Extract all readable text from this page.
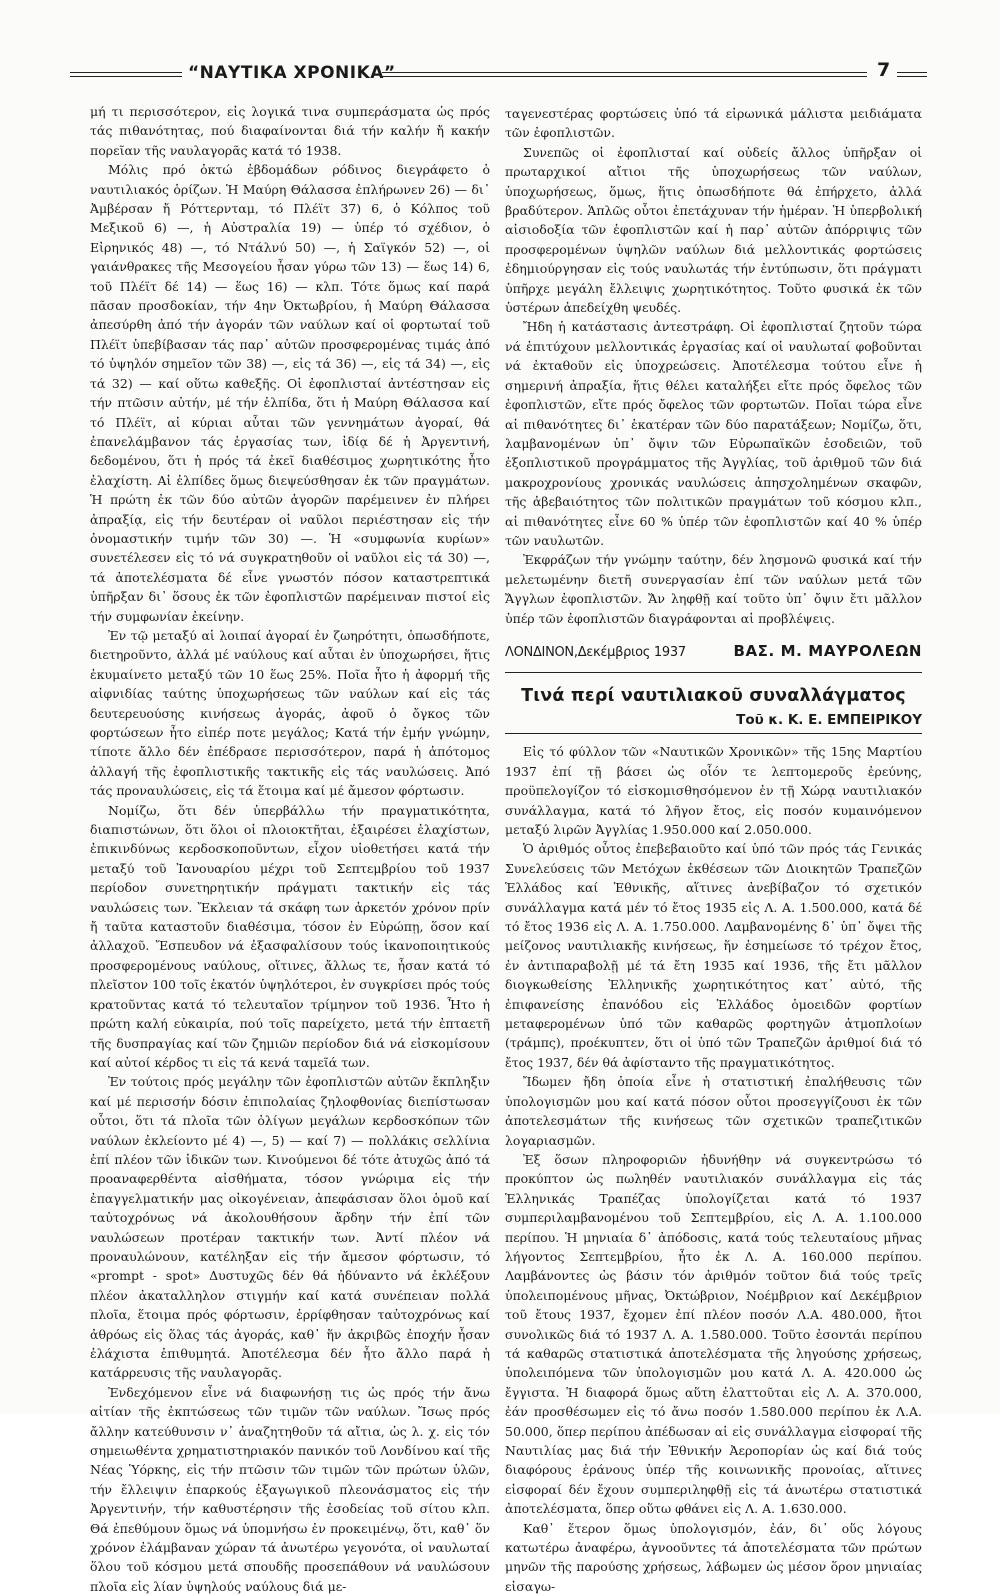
“ΝΑΥΤΙΚΑ ΧΡΟΝΙΚΑ”	7

μή τι περισσότερον, εἰς λογικά τινα συμπεράσματα ὡς πρός τάς πιθανότητας, πού διαφαίνονται διά τήν καλήν ἤ κακήν πορεῖαν τῆς ναυλαγορᾶς κατά τό 1938.

Μόλις πρό ὀκτώ ἑβδομάδων ρόδινος διεγράφετο ὁ ναυτιλιακός ὁρίζων. Ἡ Μαύρη Θάλασσα ἐπλήρωνεν 26) — δι᾽ Ἀμβέρσαν ἤ Ρόττερνταμ, τό Πλέϊτ 37) 6, ὁ Κόλπος τοῦ Μεξικοῦ 6) —, ἡ Αὐστραλία 19) — ὑπέρ τό σχέδιον, ὁ Εἰρηνικός 48) —, τό Ντάλνύ 50) —, ἡ Σαϊγκόν 52) —, οἱ γαιάνθρακες τῆς Μεσογείου ἦσαν γύρω τῶν 13) — ἕως 14) 6, τοῦ Πλέϊτ δέ 14) — ἕως 16) — κλπ. Τότε ὅμως καί παρά πᾶσαν προσδοκίαν, τήν 4ην Ὀκτωβρίου, ἡ Μαύρη Θάλασσα ἀπεσύρθη ἀπό τήν ἀγοράν τῶν ναύλων καί οἱ φορτωταί τοῦ Πλέϊτ ὑπεβίβασαν τάς παρ᾽ αὐτῶν προσφερομένας τιμάς ἀπό τό ὑψηλόν σημεῖον τῶν 38) —, εἰς τά 36) —, εἰς τά 34) —, εἰς τά 32) — καί οὕτω καθεξῆς. Οἱ ἐφοπλισταί ἀντέστησαν εἰς τήν πτῶσιν αὐτήν, μέ τήν ἐλπίδα, ὅτι ἡ Μαύρη Θάλασσα καί τό Πλέϊτ, αἱ κύριαι αὗται τῶν γεννημάτων ἀγοραί, θά ἐπανελάμβανον τάς ἐργασίας των, ἰδίᾳ δέ ἡ Ἀργεντινή, δεδομένου, ὅτι ἡ πρός τά ἐκεῖ διαθέσιμος χωρητικότης ἦτο ἐλαχίστη. Αἱ ἐλπίδες ὅμως διεψεύσθησαν ἐκ τῶν πραγμάτων. Ἡ πρώτη ἐκ τῶν δύο αὐτῶν ἀγορῶν παρέμεινεν ἐν πλήρει ἀπραξίᾳ, εἰς τήν δευτέραν οἱ ναῦλοι περιέστησαν εἰς τήν ὀνομαστικήν τιμήν τῶν 30) —. Ἡ «συμφωνία κυρίων» συνετέλεσεν εἰς τό νά συγκρατηθοῦν οἱ ναῦλοι εἰς τά 30) —, τά ἀποτελέσματα δέ εἶνε γνωστόν πόσον καταστρεπτικά ὑπῆρξαν δι᾽ ὅσους ἐκ τῶν ἐφοπλιστῶν παρέμειναν πιστοί εἰς τήν συμφωνίαν ἐκείνην.

Ἐν τῷ μεταξύ αἱ λοιπαί ἀγοραί ἐν ζωηρότητι, ὁπωσδήποτε, διετηροῦντο, ἀλλά μέ ναύλους καί αὗται ἐν ὑποχωρήσει, ἥτις ἐκυμαίνετο μεταξύ τῶν 10 ἕως 25%. Ποῖα ἦτο ἡ ἀφορμή τῆς αἰφνιδίας ταύτης ὑποχωρήσεως τῶν ναύλων καί εἰς τάς δευτερευούσης κινήσεως ἀγοράς, ἀφοῦ ὁ ὄγκος τῶν φορτώσεων ἦτο εἰπέρ ποτε μεγάλος; Κατά τήν ἐμήν γνώμην, τίποτε ἄλλο δέν ἐπέδρασε περισσότερον, παρά ἡ ἀπότομος ἀλλαγή τῆς ἐφοπλιστικῆς τακτικῆς εἰς τάς ναυλώσεις. Ἀπό τάς προναυλώσεις, εἰς τά ἕτοιμα καί μέ ἄμεσον φόρτωσιν.

Νομίζω, ὅτι δέν ὑπερβάλλω τήν πραγματικότητα, διαπιστώνων, ὅτι ὅλοι οἱ πλοιοκτῆται, ἐξαιρέσει ἐλαχίστων, ἐπικινδύνως κερδοσκοποῦντων, εἶχον υἱοθετήσει κατά τήν μεταξύ τοῦ Ἰανουαρίου μέχρι τοῦ Σεπτεμβρίου τοῦ 1937 περίοδον συνετηρητικήν πράγματι τακτικήν εἰς τάς ναυλώσεις των. Ἔκλειαν τά σκάφη των ἀρκετόν χρόνον πρίν ἤ ταῦτα καταστοῦν διαθέσιμα, τόσον ἐν Εὐρώπῃ, ὅσον καί ἀλλαχοῦ. Ἔσπευδον νά ἐξασφαλίσουν τούς ἱκανοποιητικούς προσφερομένους ναύλους, οἵτινες, ἄλλως τε, ἦσαν κατά τό πλεῖστον 100 τοῖς ἑκατόν ὑψηλότεροι, ἐν συγκρίσει πρός τούς κρατοῦντας κατά τό τελευταῖον τρίμηνον τοῦ 1936. Ἦτο ἡ πρώτη καλή εὐκαιρία, πού τοῖς παρείχετο, μετά τήν ἐπταετῆ τῆς δυσπραγίας καί τῶν ζημιῶν περίοδον διά νά εἰσκομίσουν καί αὐτοί κέρδος τι εἰς τά κενά ταμεῖά των.

Ἐν τούτοις πρός μεγάλην τῶν ἐφοπλιστῶν αὐτῶν ἔκπληξιν καί μέ περισσήν δόσιν ἐπιπολαίας ζηλοφθονίας διεπίστωσαν οὗτοι, ὅτι τά πλοῖα τῶν ὀλίγων μεγάλων κερδοσκόπων τῶν ναύλων ἐκλείοντο μέ 4) —, 5) — καί 7) — πολλάκις σελλίνια ἐπί πλέον τῶν ἰδικῶν των. Κινούμενοι δέ τότε ἀτυχῶς ἀπό τά προαναφερθέντα αἰσθήματα, τόσον γνώριμα εἰς τήν ἐπαγγελματικήν μας οἰκογένειαν, ἀπεφάσισαν ὅλοι ὁμοῦ καί ταὐτοχρόνως νά ἀκολουθήσουν ἄρδην τήν ἐπί τῶν ναυλώσεων προτέραν τακτικήν των. Ἀντί πλέον νά προναυλώνουν, κατέληξαν εἰς τήν ἄμεσον φόρτωσιν, τό «prompt - spot» Δυστυχῶς δέν θά ἠδύναντο νά ἐκλέξουν πλέον ἀκαταλληλον στιγμήν καί κατά συνέπειαν πολλά πλοῖα, ἕτοιμα πρός φόρτωσιν, ἐρρίφθησαν ταὐτοχρόνως καί ἀθρόως εἰς ὅλας τάς ἀγοράς, καθ᾽ ἥν ἀκριβῶς ἐποχήν ἦσαν ἐλάχιστα ἐπιθυμητά. Ἀποτέλεσμα δέν ἦτο ἄλλο παρά ἡ κατάρρευσις τῆς ναυλαγορᾶς.

Ἐνδεχόμενον εἶνε νά διαφωνήσῃ τις ὡς πρός τήν ἄνω αἰτίαν τῆς ἐκπτώσεως τῶν τιμῶν τῶν ναύλων. Ἴσως πρός ἄλλην κατεύθυνσιν ν᾽ ἀναζητηθοῦν τά αἴτια, ὡς λ. χ. εἰς τόν σημειωθέντα χρηματιστηριακόν πανικόν τοῦ Λονδίνου καί τῆς Νέας Ὑόρκης, εἰς τήν πτῶσιν τῶν τιμῶν τῶν πρώτων ὑλῶν, τήν ἔλλειψιν ἐπαρκούς ἐξαγωγικοῦ πλεονάσματος εἰς τήν Ἀργεντινήν, τήν καθυστέρησιν τῆς ἐσοδείας τοῦ σίτου κλπ. Θά ἐπεθύμουν ὅμως νά ὑπομνήσω ἐν προκειμένῳ, ὅτι, καθ᾽ ὅν χρόνον ἐλάμβαναν χώραν τά ἀνωτέρω γεγονότα, οἱ ναυλωταί ὅλου τοῦ κόσμου μετά σπουδῆς προσεπάθουν νά ναυλώσουν πλοῖα εἰς λίαν ὑψηλούς ναύλους διά με-

ταγενεστέρας φορτώσεις ὑπό τά εἰρωνικά μάλιστα μειδιάματα τῶν ἐφοπλιστῶν.

Συνεπῶς οἱ ἐφοπλισταί καί οὐδείς ἄλλος ὑπῆρξαν οἱ πρωταρχικοί αἴτιοι τῆς ὑποχωρήσεως τῶν ναύλων, ὑποχωρήσεως, ὅμως, ἥτις ὁπωσδήποτε θά ἐπήρχετο, ἀλλά βραδύτερον. Ἁπλῶς οὗτοι ἐπετάχυναν τήν ἡμέραν. Ἡ ὑπερβολική αἰσιοδοξία τῶν ἐφοπλιστῶν καί ἡ παρ᾽ αὐτῶν ἀπόρριψις τῶν προσφερομένων ὑψηλῶν ναύλων διά μελλοντικάς φορτώσεις ἐδημιούργησαν εἰς τούς ναυλωτάς τήν ἐντύπωσιν, ὅτι πράγματι ὑπῆρχε μεγάλη ἔλλειψις χωρητικότητος. Τοῦτο φυσικά ἐκ τῶν ὑστέρων ἀπεδείχθη ψευδές.

Ἤδη ἡ κατάστασις ἀντεστράφη. Οἱ ἐφοπλισταί ζητοῦν τώρα νά ἐπιτύχουν μελλοντικάς ἐργασίας καί οἱ ναυλωταί φοβοῦνται νά ἐκταθοῦν εἰς ὑποχρεώσεις. Ἀποτέλεσμα τούτου εἶνε ἡ σημερινή ἀπραξία, ἥτις θέλει καταλήξει εἴτε πρός ὄφελος τῶν ἐφοπλιστῶν, εἴτε πρός ὄφελος τῶν φορτωτῶν. Ποῖαι τώρα εἶνε αἱ πιθανότητες δι᾽ ἑκατέραν τῶν δύο παρατάξεων; Νομίζω, ὅτι, λαμβανομένων ὑπ᾽ ὄψιν τῶν Εὐρωπαϊκῶν ἐσοδειῶν, τοῦ ἐξοπλιστικοῦ προγράμματος τῆς Ἀγγλίας, τοῦ ἀριθμοῦ τῶν διά μακροχρονίους χρονικάς ναυλώσεις ἀπησχολημένων σκαφῶν, τῆς ἀβεβαιότητος τῶν πολιτικῶν πραγμάτων τοῦ κόσμου κλπ., αἱ πιθανότητες εἶνε 60 % ὑπέρ τῶν ἐφοπλιστῶν καί 40 % ὑπέρ τῶν ναυλωτῶν.

Ἐκφράζων τήν γνώμην ταύτην, δέν λησμονῶ φυσικά καί τήν μελετωμένην διετῆ συνεργασίαν ἐπί τῶν ναύλων μετά τῶν Ἄγγλων ἐφοπλιστῶν. Ἄν ληφθῇ καί τοῦτο ὑπ᾽ ὄψιν ἔτι μᾶλλον ὑπέρ τῶν ἐφοπλιστῶν διαγράφονται αἱ προβλέψεις.

ΛΟΝΔΙΝΟΝ,Δεκέμβριος 1937	ΒΑΣ. Μ. ΜΑΥΡΟΛΕΩΝ
Τινά περί ναυτιλιακοῦ συναλλάγματος
Τοῦ κ. Κ. Ε. ΕΜΠΕΙΡΙΚΟΥ

Εἰς τό φύλλον τῶν «Ναυτικῶν Χρονικῶν» τῆς 15ης Μαρτίου 1937 ἐπί τῇ βάσει ὡς οἷόν τε λεπτομεροῦς ἐρεύνης, προϋπελογίζον τό εἰσκομισθησόμενον ἐν τῇ Χώρᾳ ναυτιλιακόν συνάλλαγμα, κατά τό λῆγον ἔτος, εἰς ποσόν κυμαινόμενον μεταξύ λιρῶν Ἀγγλίας 1.950.000 καί 2.050.000.

Ὁ ἀριθμός οὗτος ἐπεβεβαιοῦτο καί ὑπό τῶν πρός τάς Γενικάς Συνελεύσεις τῶν Μετόχων ἐκθέσεων τῶν Διοικητῶν Τραπεζῶν Ἑλλάδος καί Ἐθνικῆς, αἵτινες ἀνεβίβαζον τό σχετικόν συνάλλαγμα κατά μέν τό ἔτος 1935 εἰς Λ. Α. 1.500.000, κατά δέ τό ἔτος 1936 εἰς Λ. Α. 1.750.000. Λαμβανομένης δ᾽ ὑπ᾽ ὄψει τῆς μείζονος ναυτιλιακῆς κινήσεως, ἥν ἐσημείωσε τό τρέχον ἔτος, ἐν ἀντιπαραβολῇ μέ τά ἔτη 1935 καί 1936, τῆς ἔτι μᾶλλον διογκωθείσης Ἑλληνικῆς χωρητικότητος κατ᾽ αὐτό, τῆς ἐπιφανείσης ἐπανόδου εἰς Ἑλλάδος ὁμοειδῶν φορτίων μεταφερομένων ὑπό τῶν καθαρῶς φορτηγῶν ἀτμοπλοίων (τράμπς), προέκυπτεν, ὅτι οἱ ὑπό τῶν Τραπεζῶν ἀριθμοί διά τό ἔτος 1937, δέν θά ἀφίσταντο τῆς πραγματικότητος.

Ἴδωμεν ἤδη ὁποία εἶνε ἡ στατιστική ἐπαλήθευσις τῶν ὑπολογισμῶν μου καί κατά πόσον οὗτοι προσεγγίζουσι ἐκ τῶν ἀποτελεσμάτων τῆς κινήσεως τῶν σχετικῶν τραπεζιτικῶν λογαριασμῶν.

Ἐξ ὅσων πληροφοριῶν ἠδυνήθην νά συγκεντρώσω τό προκύπτον ὡς πωληθέν ναυτιλιακόν συνάλλαγμα εἰς τάς Ἑλληνικάς Τραπέζας ὑπολογίζεται κατά τό 1937 συμπεριλαμβανομένου τοῦ Σεπτεμβρίου, εἰς Λ. Α. 1.100.000 περίπου. Ἡ μηνιαία δ᾽ ἀπόδοσις, κατά τούς τελευταίους μῆνας λήγοντος Σεπτεμβρίου, ἦτο ἐκ Λ. Α. 160.000 περίπου. Λαμβάνοντες ὡς βάσιν τόν ἀριθμόν τοῦτον διά τούς τρεῖς ὑπολειπομένους μῆνας, Ὀκτώβριον, Νοέμβριον καί Δεκέμβριον τοῦ ἔτους 1937, ἔχομεν ἐπί πλέον ποσόν Λ.Α. 480.000, ἤτοι συνολικῶς διά τό 1937 Λ. Α. 1.580.000. Τοῦτο ἐσοντάι περίπου τά καθαρῶς στατιστικά ἀποτελέσματα τῆς ληγούσης χρήσεως, ὑπολειπόμενα τῶν ὑπολογισμῶν μου κατά Λ. Α. 420.000 ὡς ἔγγιστα. Ἡ διαφορά ὅμως αὕτη ἐλαττοῦται εἰς Λ. Α. 370.000, ἐάν προσθέσωμεν εἰς τό ἄνω ποσόν 1.580.000 περίπου ἐκ Λ.Α. 50.000, ὅπερ περίπου ἀπέδωσαν αἱ εἰς συνάλλαγμα εἰσφοραί τῆς Ναυτιλίας μας διά τήν Ἐθνικήν Ἀεροπορίαν ὡς καί διά τούς διαφόρους ἐράνους ὑπέρ τῆς κοινωνικῆς προνοίας, αἵτινες εἰσφοραί δέν ἔχουν συμπεριληφθῇ εἰς τά ἀνωτέρω στατιστικά ἀποτελέσματα, ὅπερ οὕτω φθάνει εἰς Λ. Α. 1.630.000.

Καθ᾽ ἕτερον ὅμως ὑπολογισμόν, ἐάν, δι᾽ οὕς λόγους κατωτέρω ἀναφέρω, ἀγνοοῦντες τά ἀποτελέσματα τῶν πρώτων μηνῶν τῆς παρούσης χρήσεως, λάβωμεν ὡς μέσον ὅρον μηνιαίας εἰσαγω-
